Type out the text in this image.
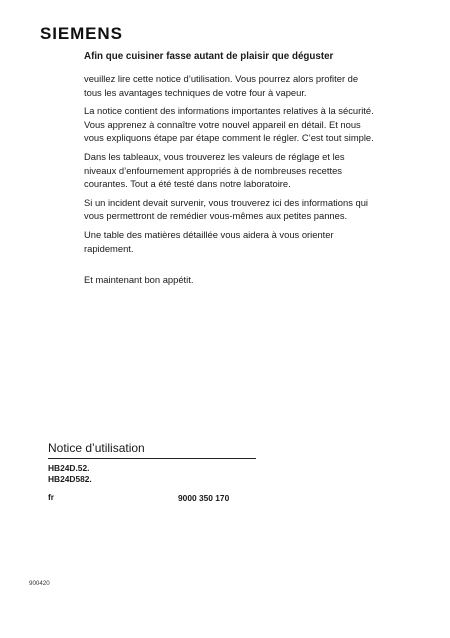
SIEMENS
Afin que cuisiner fasse autant de plaisir que déguster
veuillez lire cette notice d’utilisation. Vous pourrez alors profiter de tous les avantages techniques de votre four à vapeur.
La notice contient des informations importantes relatives à la sécurité. Vous apprenez à connaître votre nouvel appareil en détail. Et nous vous expliquons étape par étape comment le régler. C’est tout simple.
Dans les tableaux, vous trouverez les valeurs de réglage et les niveaux d’enfournement appropriés à de nombreuses recettes courantes. Tout a été testé dans notre laboratoire.
Si un incident devait survenir, vous trouverez ici des informations qui vous permettront de remédier vous-mêmes aux petites pannes.
Une table des matières détaillée vous aidera à vous orienter rapidement.
Et maintenant bon appétit.
Notice d’utilisation
HB24D.52.
HB24D582.
fr	9000 350 170
900420
